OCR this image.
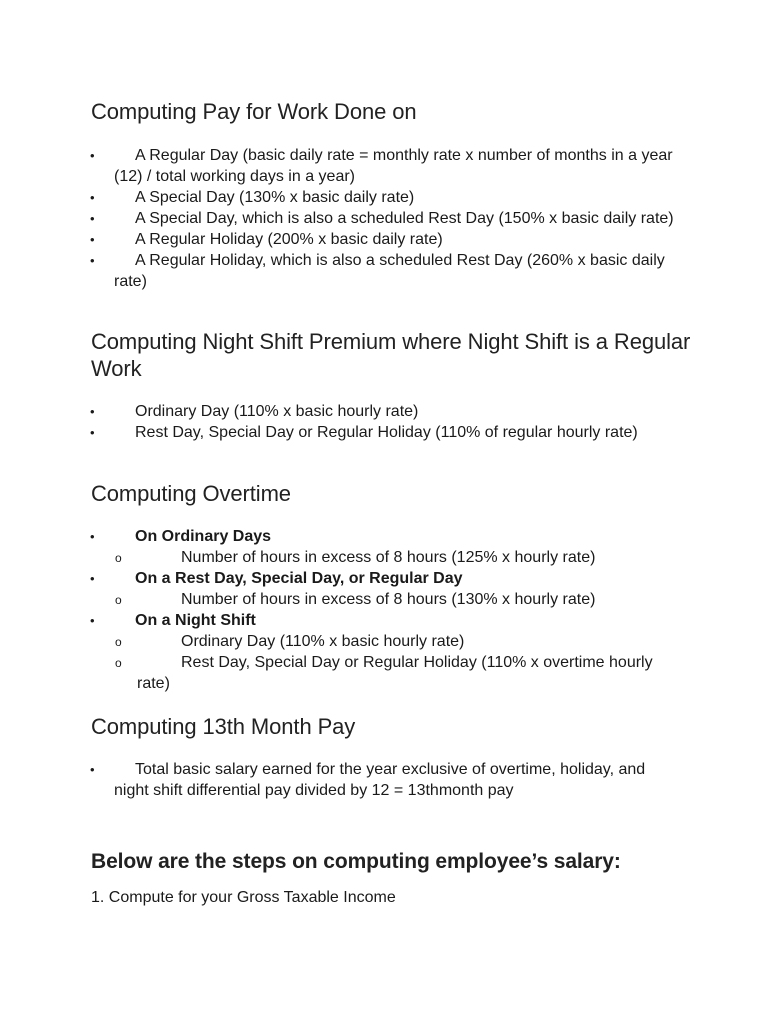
Computing Pay for Work Done on
•	A Regular Day (basic daily rate = monthly rate x number of months in a year (12) / total working days in a year)
•	A Special Day (130% x basic daily rate)
•	A Special Day, which is also a scheduled Rest Day (150% x basic daily rate)
•	A Regular Holiday (200% x basic daily rate)
•	A Regular Holiday, which is also a scheduled Rest Day (260% x basic daily rate)
Computing Night Shift Premium where Night Shift is a Regular Work
•	Ordinary Day (110% x basic hourly rate)
•	Rest Day, Special Day or Regular Holiday (110% of regular hourly rate)
Computing Overtime
•	On Ordinary Days
o	Number of hours in excess of 8 hours (125% x hourly rate)
•	On a Rest Day, Special Day, or Regular Day
o	Number of hours in excess of 8 hours (130% x hourly rate)
•	On a Night Shift
o	Ordinary Day (110% x basic hourly rate)
o	Rest Day, Special Day or Regular Holiday (110% x overtime hourly rate)
Computing 13th Month Pay
•	Total basic salary earned for the year exclusive of overtime, holiday, and night shift differential pay divided by 12 = 13thmonth pay
Below are the steps on computing employee’s salary:

1. Compute for your Gross Taxable Income
